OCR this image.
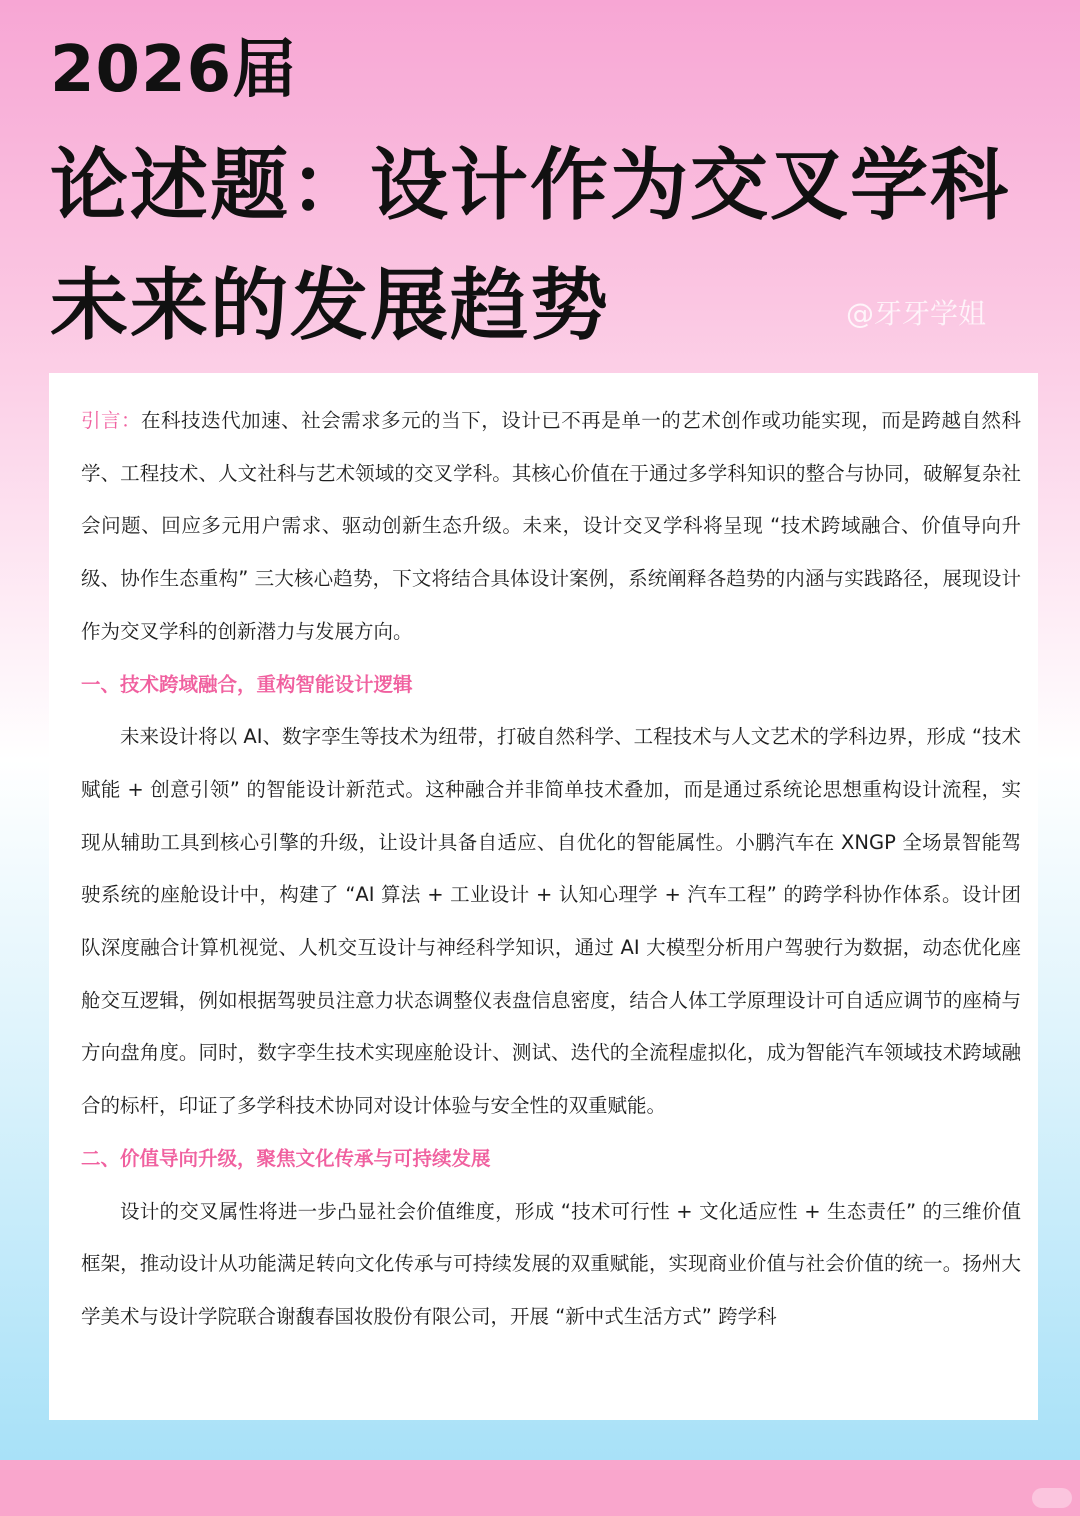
2026届
论述题：设计作为交叉学科
未来的发展趋势	@牙牙学姐

引言：在科技迭代加速、社会需求多元的当下，设计已不再是单一的艺术创作或功能实现，而是跨越自然科学、工程技术、人文社科与艺术领域的交叉学科。其核心价值在于通过多学科知识的整合与协同，破解复杂社会问题、回应多元用户需求、驱动创新生态升级。未来，设计交叉学科将呈现 “技术跨域融合、价值导向升级、协作生态重构” 三大核心趋势，下文将结合具体设计案例，系统阐释各趋势的内涵与实践路径，展现设计作为交叉学科的创新潜力与发展方向。

一、技术跨域融合，重构智能设计逻辑

未来设计将以 AI、数字孪生等技术为纽带，打破自然科学、工程技术与人文艺术的学科边界，形成 “技术赋能 + 创意引领” 的智能设计新范式。这种融合并非简单技术叠加，而是通过系统论思想重构设计流程，实现从辅助工具到核心引擎的升级，让设计具备自适应、自优化的智能属性。小鹏汽车在 XNGP 全场景智能驾驶系统的座舱设计中，构建了 “AI 算法 + 工业设计 + 认知心理学 + 汽车工程” 的跨学科协作体系。设计团队深度融合计算机视觉、人机交互设计与神经科学知识，通过 AI 大模型分析用户驾驶行为数据，动态优化座舱交互逻辑，例如根据驾驶员注意力状态调整仪表盘信息密度，结合人体工学原理设计可自适应调节的座椅与方向盘角度。同时，数字孪生技术实现座舱设计、测试、迭代的全流程虚拟化，成为智能汽车领域技术跨域融合的标杆，印证了多学科技术协同对设计体验与安全性的双重赋能。

二、价值导向升级，聚焦文化传承与可持续发展

设计的交叉属性将进一步凸显社会价值维度，形成 “技术可行性 + 文化适应性 + 生态责任” 的三维价值框架，推动设计从功能满足转向文化传承与可持续发展的双重赋能，实现商业价值与社会价值的统一。扬州大学美术与设计学院联合谢馥春国妆股份有限公司，开展 “新中式生活方式” 跨学科
